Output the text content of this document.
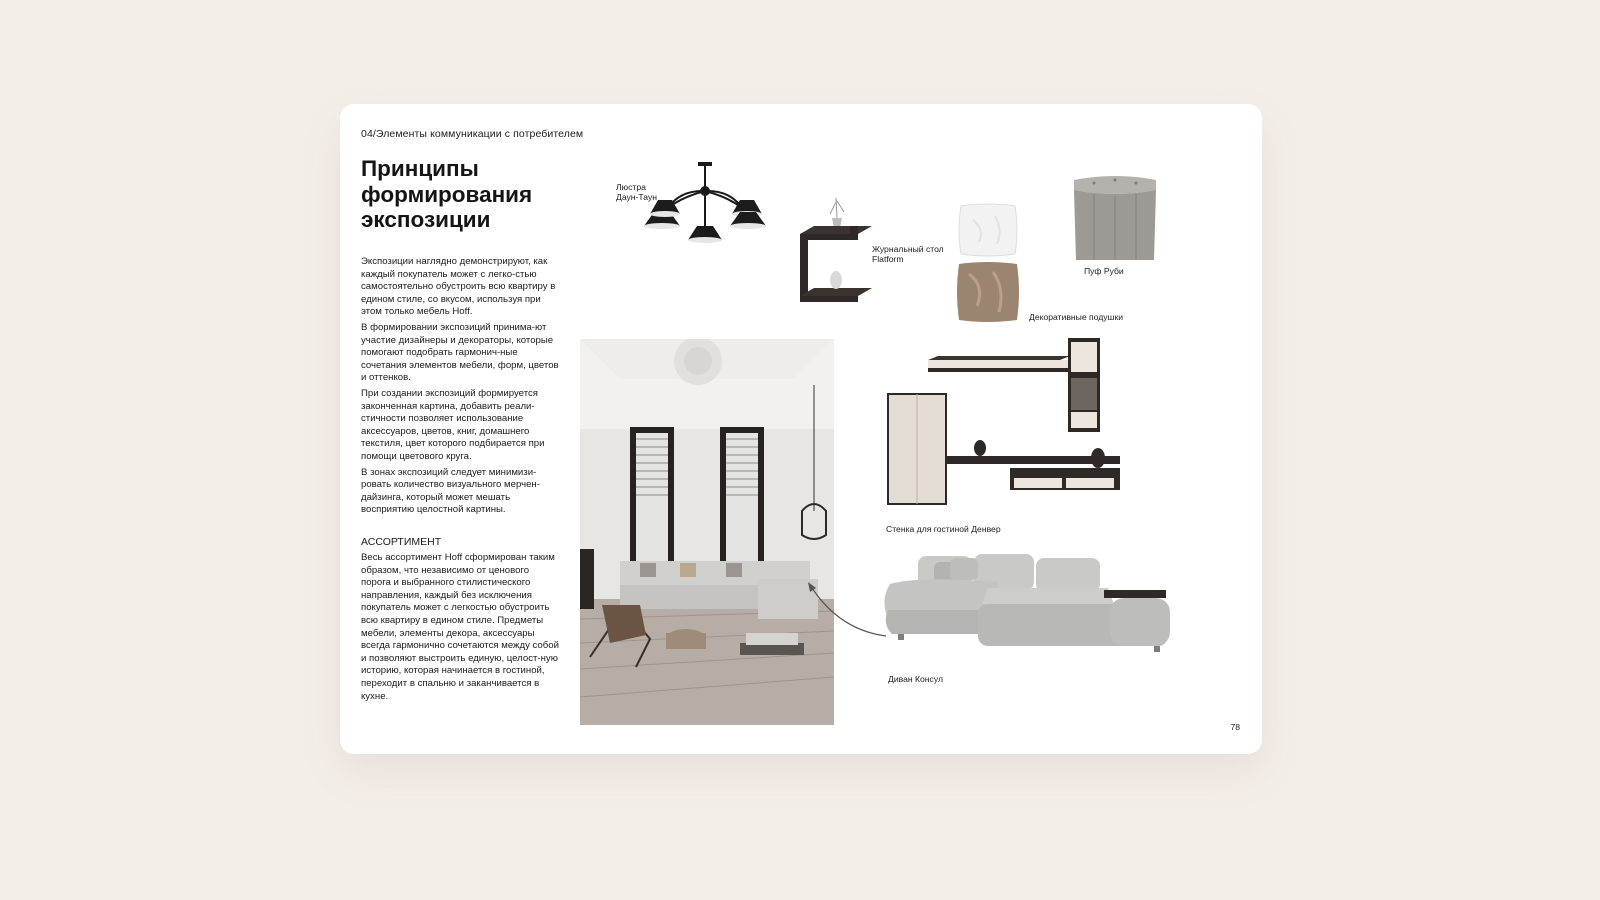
04/Элементы коммуникации с потребителем
Принципы формирования экспозиции

Экспозиции наглядно демонстрируют, как каждый покупатель может с легко-стью самостоятельно обустроить всю квартиру в едином стиле, со вкусом, используя при этом только мебель Hoff.

В формировании экспозиций принима-ют участие дизайнеры и декораторы, которые помогают подобрать гармонич-ные сочетания элементов мебели, форм, цветов и оттенков.

При создании экспозиций формируется законченная картина, добавить реали-стичности позволяет использование аксессуаров, цветов, книг, домашнего текстиля, цвет которого подбирается при помощи цветового круга.

В зонах экспозиций следует минимизи-ровать количество визуального мерчен-дайзинга, который может мешать восприятию целостной картины.

АССОРТИМЕНТ

Весь ассортимент Hoff сформирован таким образом, что независимо от ценового порога и выбранного стилистического направления, каждый без исключения покупатель может с легкостью обустроить всю квартиру в едином стиле. Предметы мебели, элементы декора, аксессуары всегда гармонично сочетаются между собой и позволяют выстроить единую, целост-ную историю, которая начинается в гостиной, переходит в спальню и заканчивается в кухне.

Люстра Даун-Таун
Журнальный стол Flatform
Декоративные подушки
Пуф Руби
Стенка для гостиной Денвер
Диван Консул
78
